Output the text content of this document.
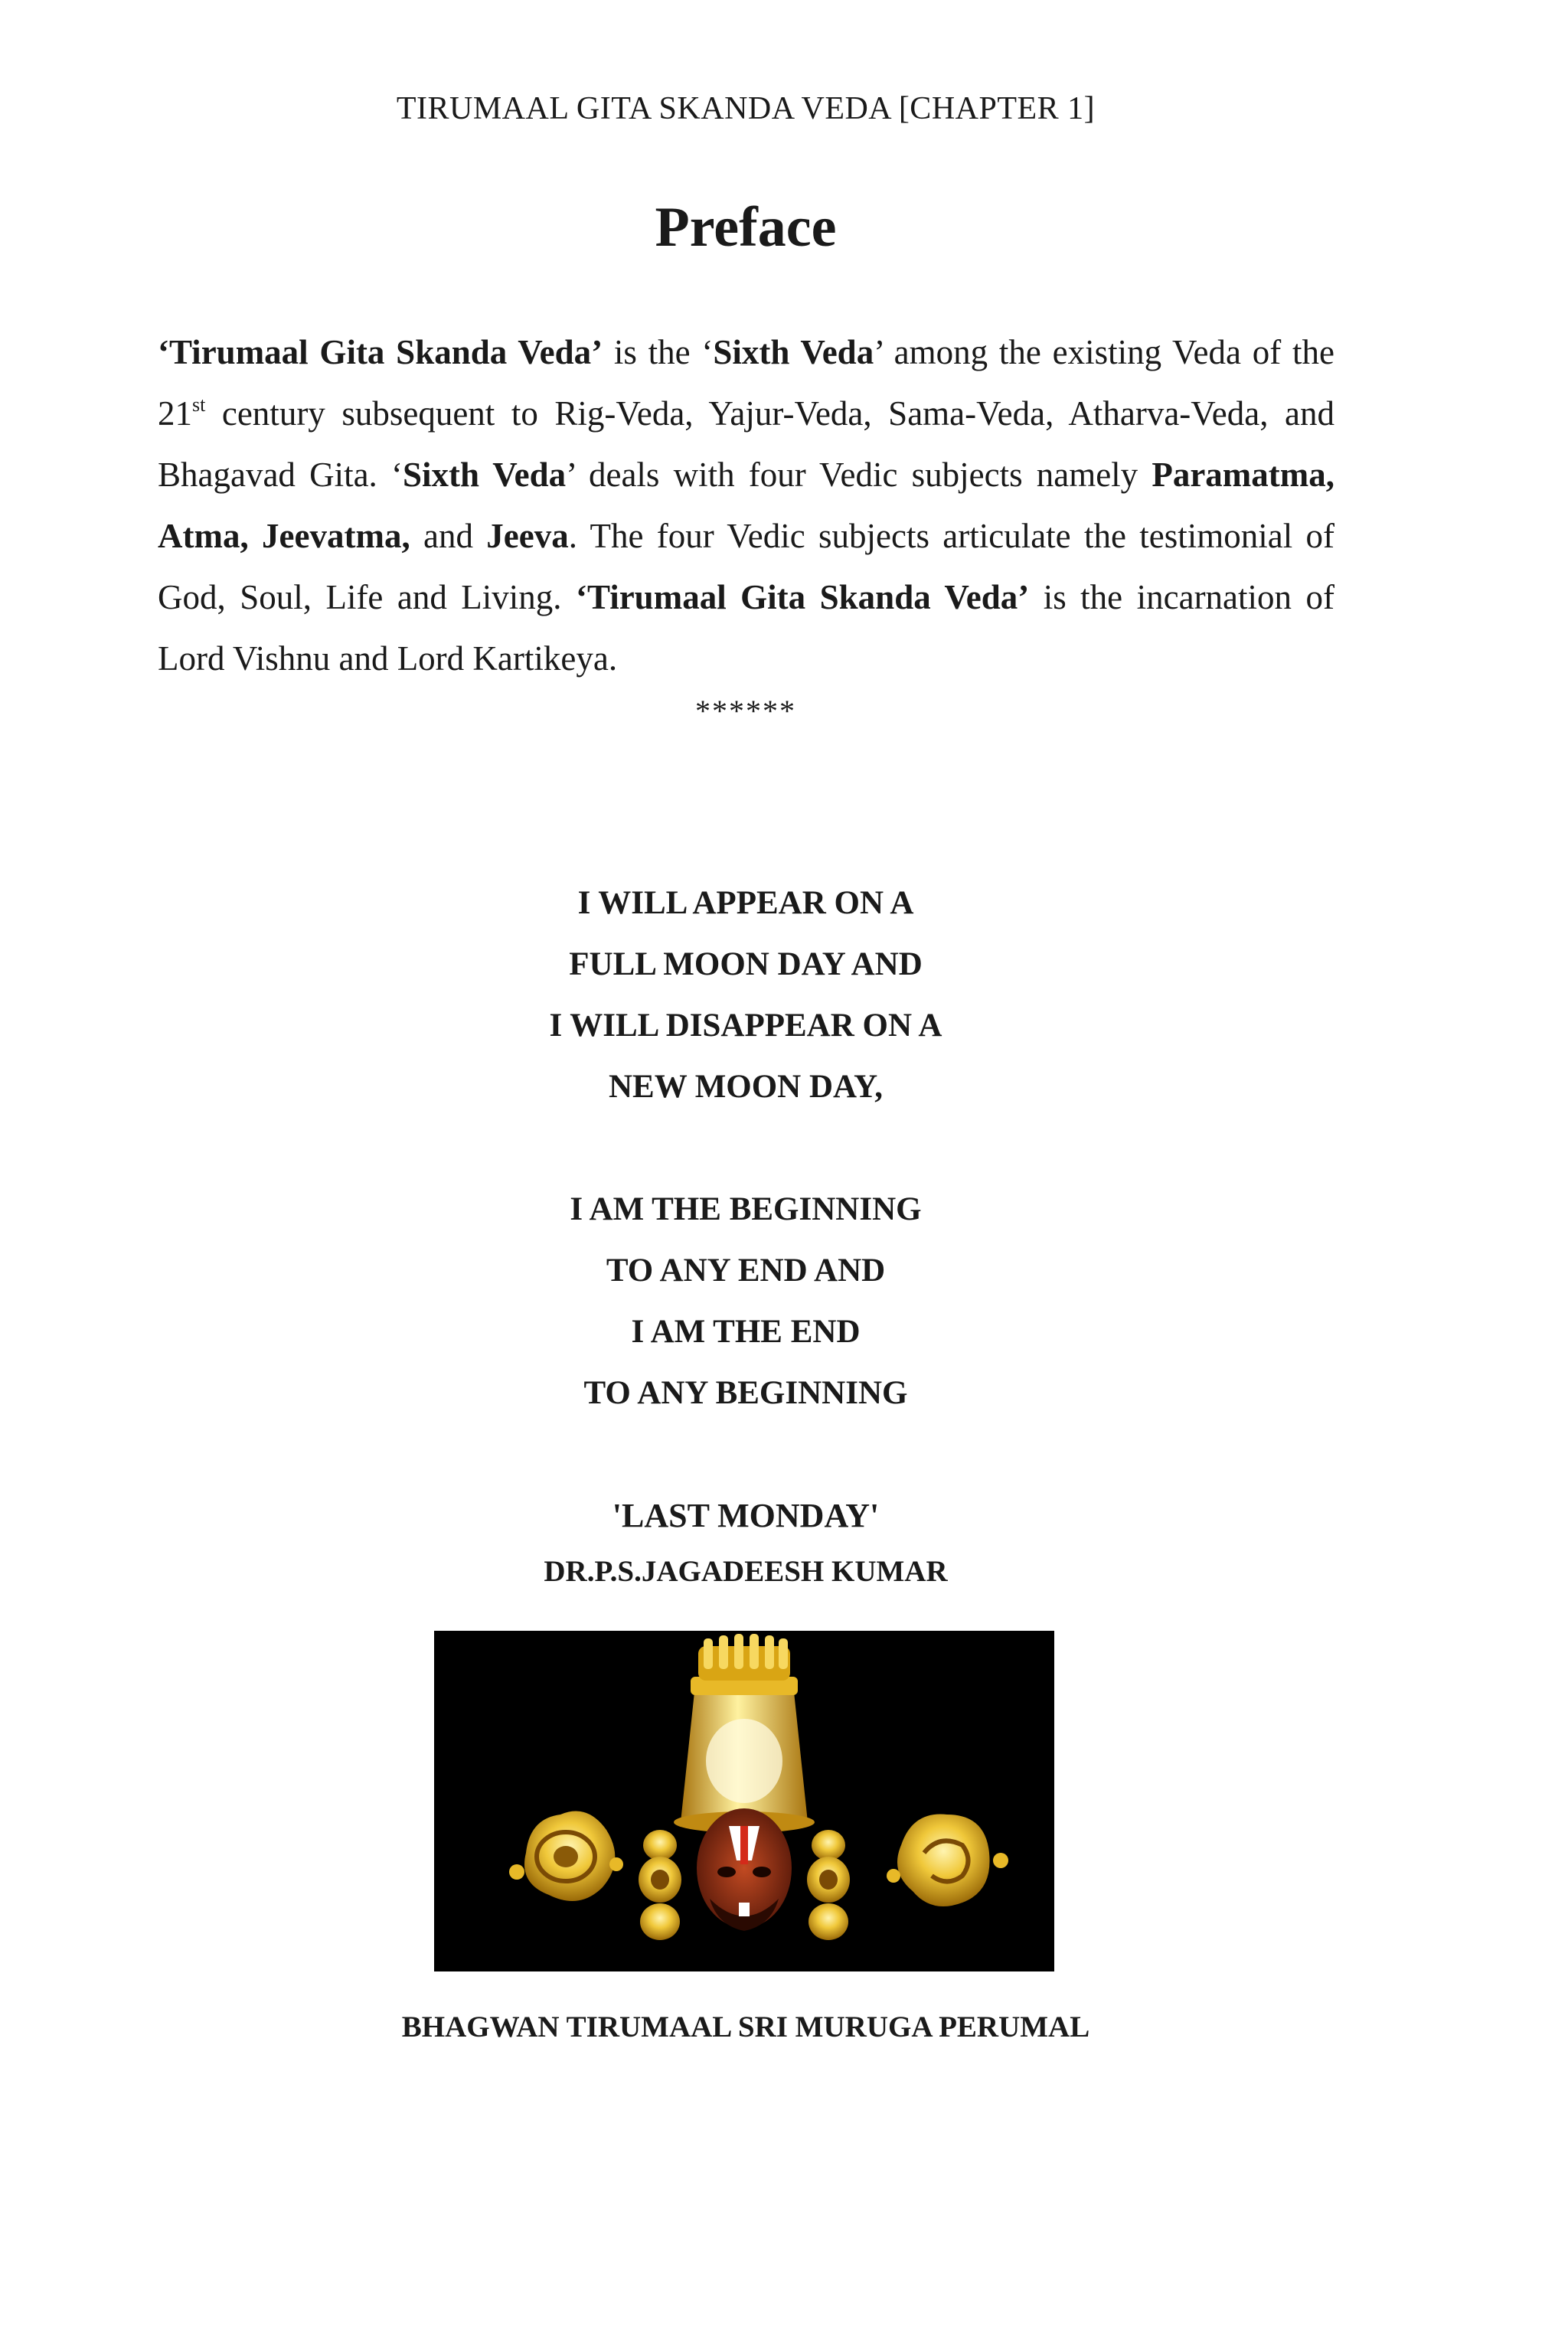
TIRUMAAL GITA SKANDA VEDA [CHAPTER 1]
Preface
‘Tirumaal Gita Skanda Veda’ is the ‘Sixth Veda’ among the existing Veda of the 21st century subsequent to Rig-Veda, Yajur-Veda, Sama-Veda, Atharva-Veda, and Bhagavad Gita. ‘Sixth Veda’ deals with four Vedic subjects namely Paramatma, Atma, Jeevatma, and Jeeva. The four Vedic subjects articulate the testimonial of God, Soul, Life and Living. ‘Tirumaal Gita Skanda Veda’ is the incarnation of Lord Vishnu and Lord Kartikeya.
******
I WILL APPEAR ON A
FULL MOON DAY AND
I WILL DISAPPEAR ON A
NEW MOON DAY,
I AM THE BEGINNING
TO ANY END AND
I AM THE END
TO ANY BEGINNING
'LAST MONDAY'
DR.P.S.JAGADEESH KUMAR
BHAGWAN TIRUMAAL SRI MURUGA PERUMAL
